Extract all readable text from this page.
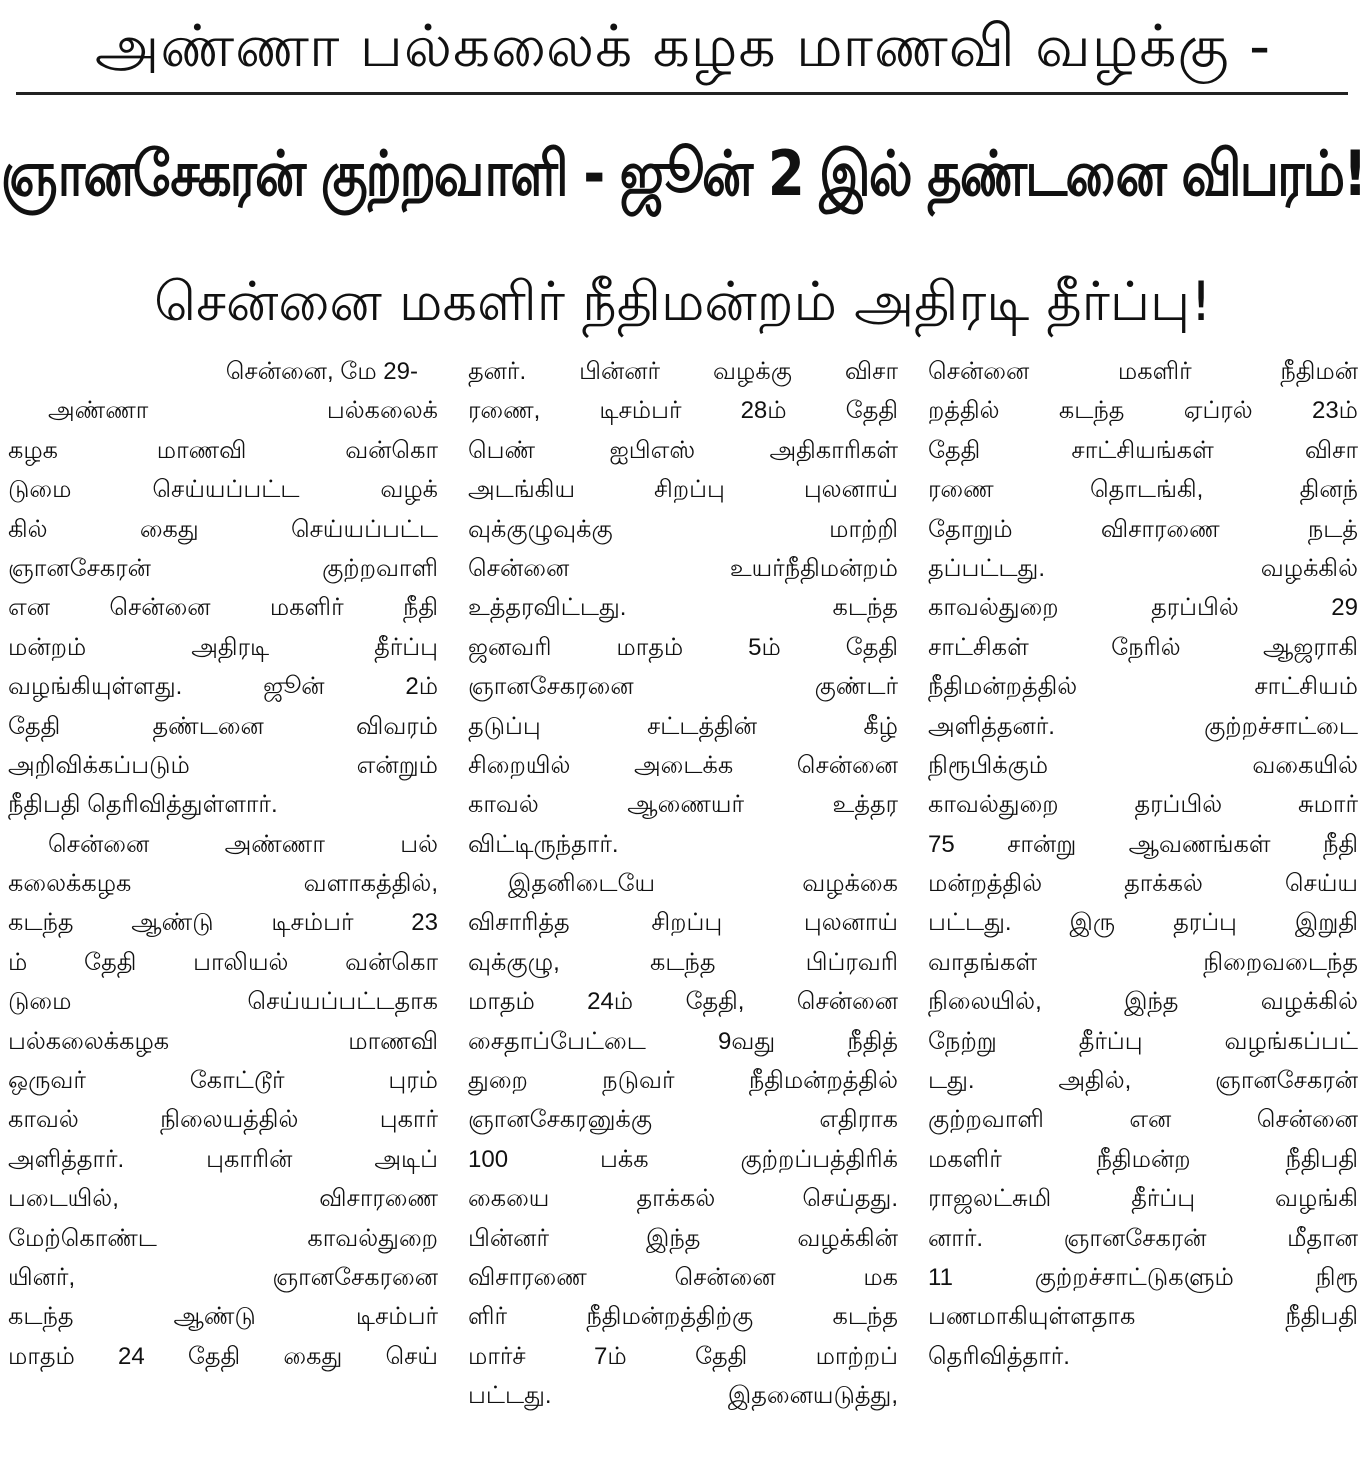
அண்ணா பல்கலைக் கழக மாணவி வழக்கு -
ஞானசேகரன் குற்றவாளி - ஜூன் 2 இல் தண்டனை விபரம்!
சென்னை மகளிர் நீதிமன்றம் அதிரடி தீர்ப்பு!
சென்னை, மே 29-
அண்ணா பல்கலைக்
கழக மாணவி வன்கொ
டுமை செய்யப்பட்ட வழக்
கில் கைது செய்யப்பட்ட
ஞானசேகரன் குற்றவாளி
என சென்னை மகளிர் நீதி
மன்றம் அதிரடி தீர்ப்பு
வழங்கியுள்ளது. ஜூன் 2ம்
தேதி தண்டனை விவரம்
அறிவிக்கப்படும் என்றும்
நீதிபதி தெரிவித்துள்ளார்.
சென்னை அண்ணா பல்
கலைக்கழக வளாகத்தில்,
கடந்த ஆண்டு டிசம்பர் 23
ம் தேதி பாலியல் வன்கொ
டுமை செய்யப்பட்டதாக
பல்கலைக்கழக மாணவி
ஒருவர் கோட்டூர் புரம்
காவல் நிலையத்தில் புகார்
அளித்தார். புகாரின் அடிப்
படையில், விசாரணை
மேற்கொண்ட காவல்துறை
யினர், ஞானசேகரனை
கடந்த ஆண்டு டிசம்பர்
மாதம் 24 தேதி கைது செய்
தனர். பின்னர் வழக்கு விசா
ரணை, டிசம்பர் 28ம் தேதி
பெண் ஐபிஎஸ் அதிகாரிகள்
அடங்கிய சிறப்பு புலனாய்
வுக்குழுவுக்கு மாற்றி
சென்னை உயர்நீதிமன்றம்
உத்தரவிட்டது. கடந்த
ஜனவரி மாதம் 5ம் தேதி
ஞானசேகரனை குண்டர்
தடுப்பு சட்டத்தின் கீழ்
சிறையில் அடைக்க சென்னை
காவல் ஆணையர் உத்தர
விட்டிருந்தார்.
இதனிடையே வழக்கை
விசாரித்த சிறப்பு புலனாய்
வுக்குழு, கடந்த பிப்ரவரி
மாதம் 24ம் தேதி, சென்னை
சைதாப்பேட்டை 9வது நீதித்
துறை நடுவர் நீதிமன்றத்தில்
ஞானசேகரனுக்கு எதிராக
100 பக்க குற்றப்பத்திரிக்
கையை தாக்கல் செய்தது.
பின்னர் இந்த வழக்கின்
விசாரணை சென்னை மக
ளிர் நீதிமன்றத்திற்கு கடந்த
மார்ச் 7ம் தேதி மாற்றப்
பட்டது. இதனையடுத்து,
சென்னை மகளிர் நீதிமன்
றத்தில் கடந்த ஏப்ரல் 23ம்
தேதி சாட்சியங்கள் விசா
ரணை தொடங்கி, தினந்
தோறும் விசாரணை நடத்
தப்பட்டது. வழக்கில்
காவல்துறை தரப்பில் 29
சாட்சிகள் நேரில் ஆஜராகி
நீதிமன்றத்தில் சாட்சியம்
அளித்தனர். குற்றச்சாட்டை
நிரூபிக்கும் வகையில்
காவல்துறை தரப்பில் சுமார்
75 சான்று ஆவணங்கள் நீதி
மன்றத்தில் தாக்கல் செய்ய
பட்டது. இரு தரப்பு இறுதி
வாதங்கள் நிறைவடைந்த
நிலையில், இந்த வழக்கில்
நேற்று தீர்ப்பு வழங்கப்பட்
டது. அதில், ஞானசேகரன்
குற்றவாளி என சென்னை
மகளிர் நீதிமன்ற நீதிபதி
ராஜலட்சுமி தீர்ப்பு வழங்கி
னார். ஞானசேகரன் மீதான
11 குற்றச்சாட்டுகளும் நிரூ
பணமாகியுள்ளதாக நீதிபதி
தெரிவித்தார்.
